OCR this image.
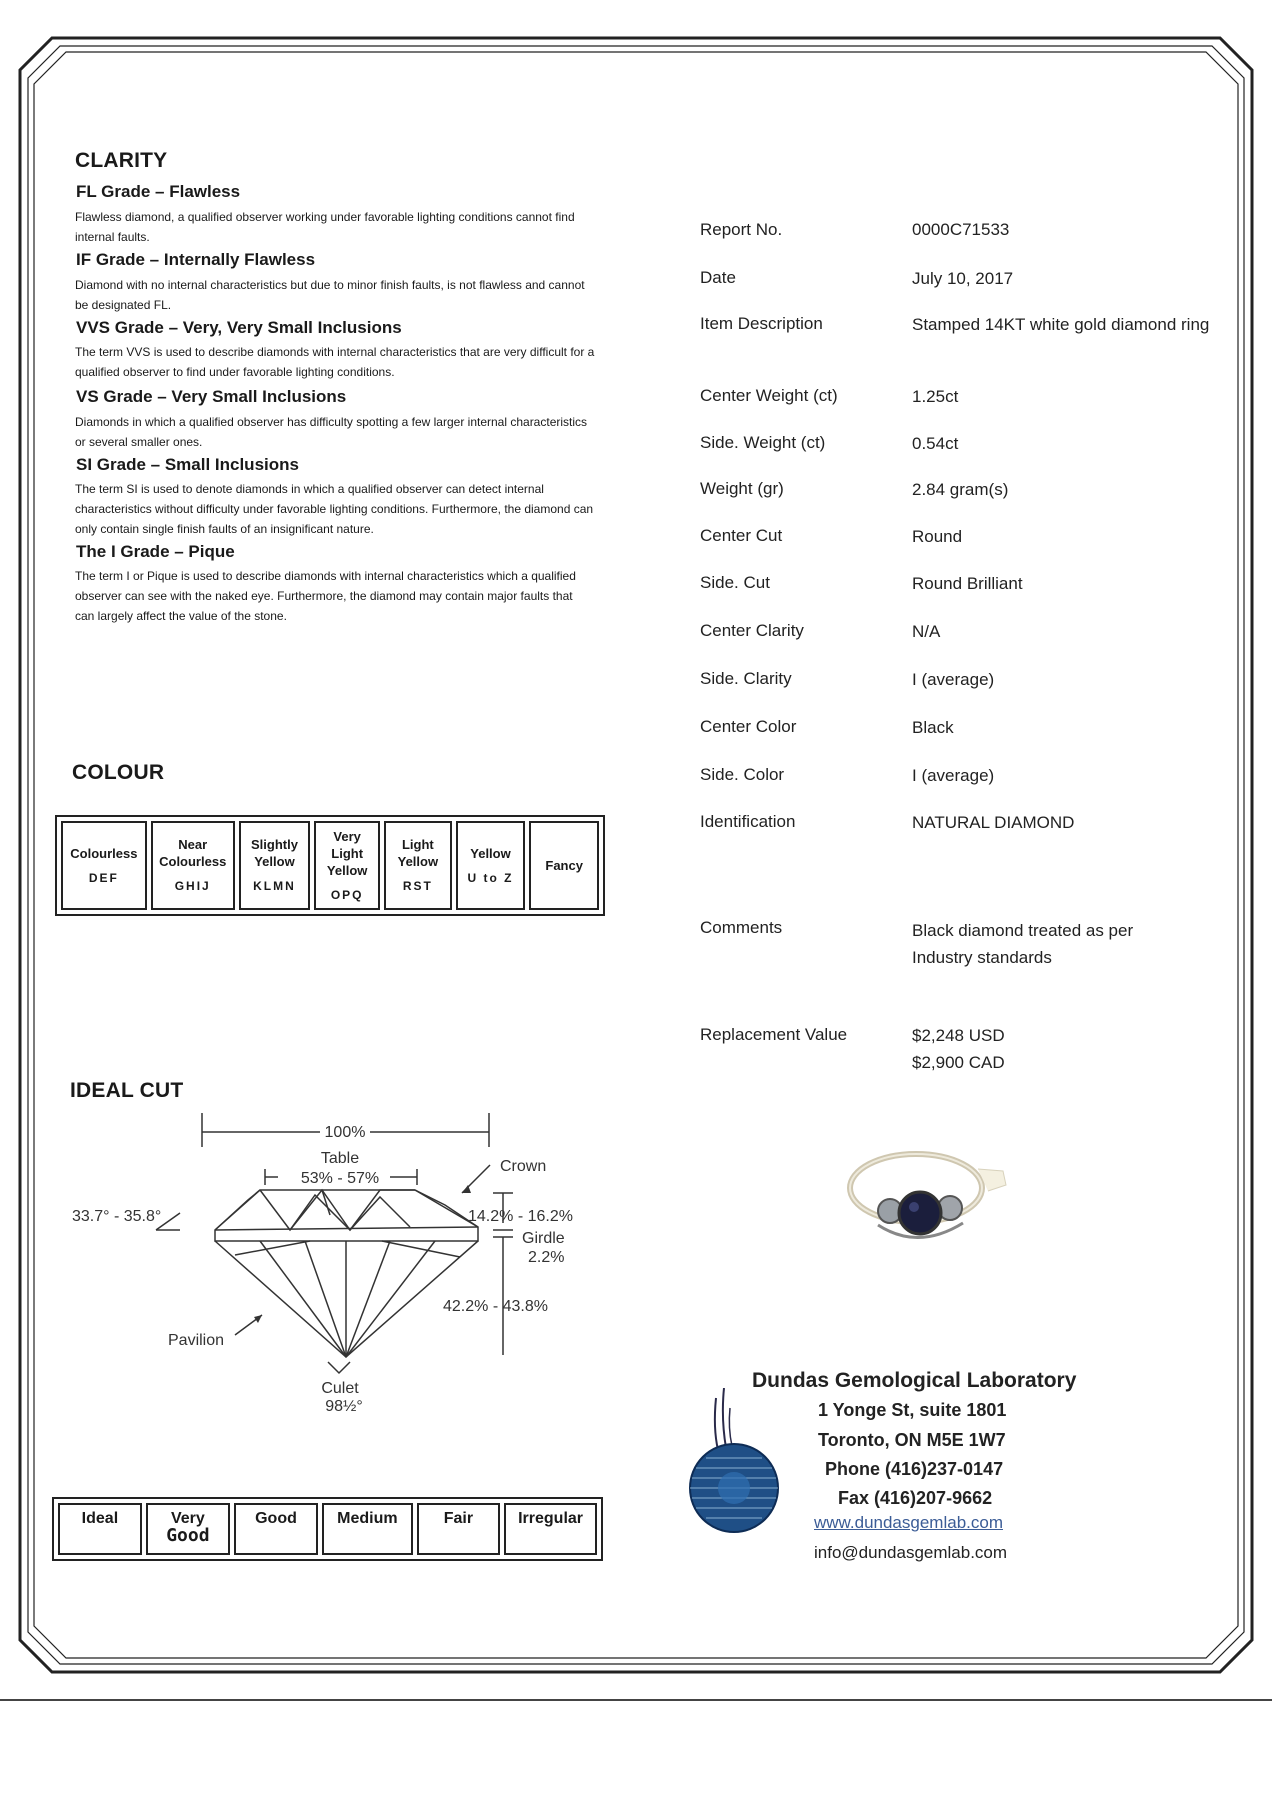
CLARITY
FL Grade – Flawless
Flawless diamond, a qualified observer working under favorable lighting conditions cannot find internal faults.
IF Grade – Internally Flawless
Diamond with no internal characteristics but due to minor finish faults, is not flawless and cannot be designated FL.
VVS Grade – Very, Very Small Inclusions
The term VVS is used to describe diamonds with internal characteristics that are very difficult for a qualified observer to find under favorable lighting conditions.
VS Grade – Very Small Inclusions
Diamonds in which a qualified observer has difficulty spotting a few larger internal characteristics or several smaller ones.
SI Grade – Small Inclusions
The term SI is used to denote diamonds in which a qualified observer can detect internal characteristics without difficulty under favorable lighting conditions. Furthermore, the diamond can only contain single finish faults of an insignificant nature.
The I Grade – Pique
The term I or Pique is used to describe diamonds with internal characteristics which a qualified observer can see with the naked eye. Furthermore, the diamond may contain major faults that can largely affect the value of the stone.
COLOUR
Colourless
DEF
	Near Colourless
GHIJ
	Slightly Yellow
KLMN
	Very Light Yellow
OPQ
	Light Yellow
RST
	Yellow
U to Z
	Fancy
IDEAL CUT
100%
Table
53% - 57%
Crown
33.7° - 35.8°	14.2% - 16.2%
Girdle
2.2%
42.2% - 43.8%
Pavilion
Culet
98½°
Ideal	Very
Good	Good	Medium	Fair	Irregular
Report No.	0000C71533
Date	July 10, 2017
Item Description	Stamped 14KT white gold diamond ring
Center Weight (ct)	1.25ct
Side. Weight (ct)	0.54ct
Weight (gr)	2.84 gram(s)
Center Cut	Round
Side. Cut	Round Brilliant
Center Clarity	N/A
Side. Clarity	I (average)
Center Color	Black
Side. Color	I (average)
Identification	NATURAL DIAMOND
Comments	Black diamond treated as per Industry standards
Replacement Value	$2,248 USD
$2,900 CAD
Dundas Gemological Laboratory
1 Yonge St, suite 1801
Toronto, ON M5E 1W7
Phone (416)237-0147
Fax (416)207-9662
www.dundasgemlab.com
info@dundasgemlab.com
